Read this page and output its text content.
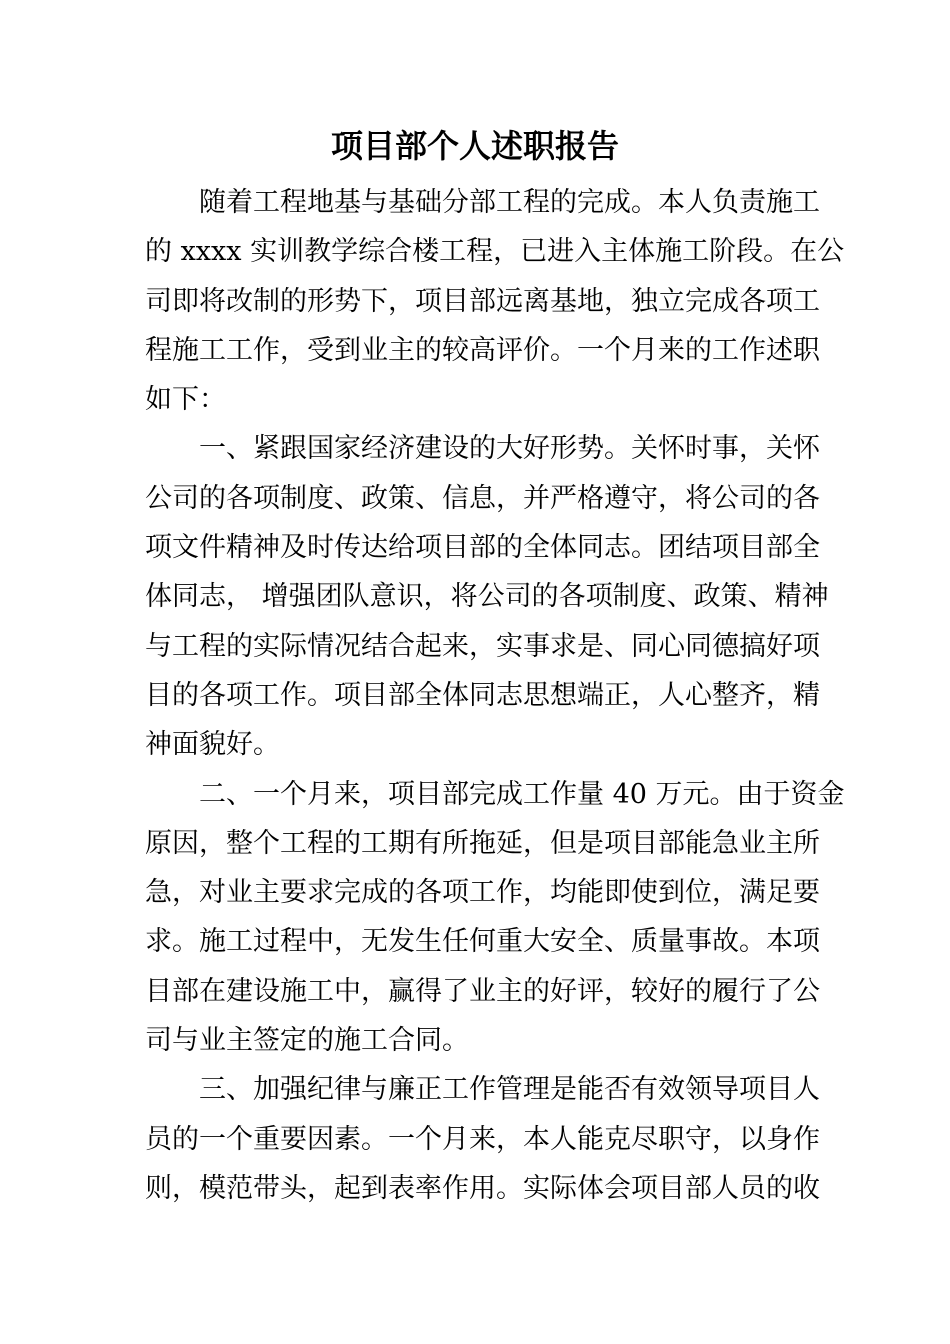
项目部个人述职报告
随着工程地基与基础分部工程的完成。本人负责施工
的 xxxx 实训教学综合楼工程，已进入主体施工阶段。在公
司即将改制的形势下，项目部远离基地，独立完成各项工
程施工工作，受到业主的较高评价。一个月来的工作述职
如下：
一、紧跟国家经济建设的大好形势。关怀时事，关怀
公司的各项制度、政策、信息，并严格遵守，将公司的各
项文件精神及时传达给项目部的全体同志。团结项目部全
体同志， 增强团队意识，将公司的各项制度、政策、精神
与工程的实际情况结合起来，实事求是、同心同德搞好项
目的各项工作。项目部全体同志思想端正，人心整齐，精
神面貌好。
二、一个月来，项目部完成工作量 40 万元。由于资金
原因，整个工程的工期有所拖延，但是项目部能急业主所
急，对业主要求完成的各项工作，均能即使到位，满足要
求。施工过程中，无发生任何重大安全、质量事故。本项
目部在建设施工中，赢得了业主的好评，较好的履行了公
司与业主签定的施工合同。
三、加强纪律与廉正工作管理是能否有效领导项目人
员的一个重要因素。一个月来，本人能克尽职守，以身作
则，模范带头，起到表率作用。实际体会项目部人员的收
